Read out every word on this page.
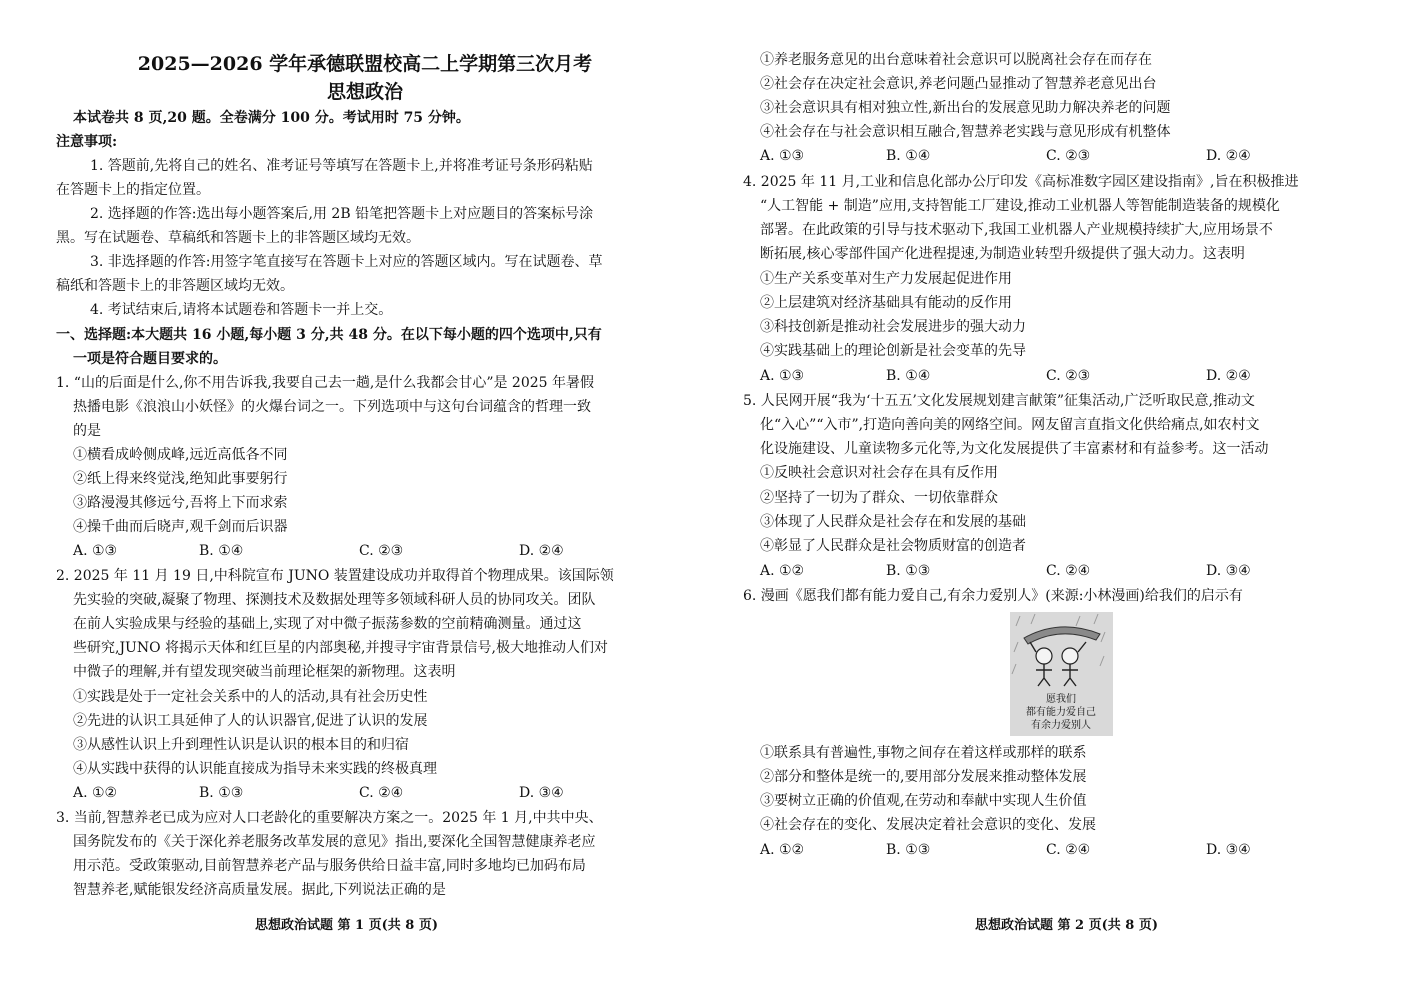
2025—2026 学年承德联盟校高二上学期第三次月考
思想政治
本试卷共 8 页,20 题。全卷满分 100 分。考试用时 75 分钟。
注意事项:
1. 答题前,先将自己的姓名、准考证号等填写在答题卡上,并将准考证号条形码粘贴
在答题卡上的指定位置。
2. 选择题的作答:选出每小题答案后,用 2B 铅笔把答题卡上对应题目的答案标号涂
黑。写在试题卷、草稿纸和答题卡上的非答题区域均无效。
3. 非选择题的作答:用签字笔直接写在答题卡上对应的答题区域内。写在试题卷、草
稿纸和答题卡上的非答题区域均无效。
4. 考试结束后,请将本试题卷和答题卡一并上交。
一、选择题:本大题共 16 小题,每小题 3 分,共 48 分。在以下每小题的四个选项中,只有
一项是符合题目要求的。
1. “山的后面是什么,你不用告诉我,我要自己去一趟,是什么我都会甘心”是 2025 年暑假
热播电影《浪浪山小妖怪》的火爆台词之一。下列选项中与这句台词蕴含的哲理一致
的是
①横看成岭侧成峰,远近高低各不同
②纸上得来终觉浅,绝知此事要躬行
③路漫漫其修远兮,吾将上下而求索
④操千曲而后晓声,观千剑而后识器
A. ①③	B. ①④	C. ②③	D. ②④
2. 2025 年 11 月 19 日,中科院宣布 JUNO 装置建设成功并取得首个物理成果。该国际领
先实验的突破,凝聚了物理、探测技术及数据处理等多领域科研人员的协同攻关。团队
在前人实验成果与经验的基础上,实现了对中微子振荡参数的空前精确测量。通过这
些研究,JUNO 将揭示天体和红巨星的内部奥秘,并搜寻宇宙背景信号,极大地推动人们对
中微子的理解,并有望发现突破当前理论框架的新物理。这表明
①实践是处于一定社会关系中的人的活动,具有社会历史性
②先进的认识工具延伸了人的认识器官,促进了认识的发展
③从感性认识上升到理性认识是认识的根本目的和归宿
④从实践中获得的认识能直接成为指导未来实践的终极真理
A. ①②	B. ①③	C. ②④	D. ③④
3. 当前,智慧养老已成为应对人口老龄化的重要解决方案之一。2025 年 1 月,中共中央、
国务院发布的《关于深化养老服务改革发展的意见》指出,要深化全国智慧健康养老应
用示范。受政策驱动,目前智慧养老产品与服务供给日益丰富,同时多地均已加码布局
智慧养老,赋能银发经济高质量发展。据此,下列说法正确的是
思想政治试题 第 1 页(共 8 页)
①养老服务意见的出台意味着社会意识可以脱离社会存在而存在
②社会存在决定社会意识,养老问题凸显推动了智慧养老意见出台
③社会意识具有相对独立性,新出台的发展意见助力解决养老的问题
④社会存在与社会意识相互融合,智慧养老实践与意见形成有机整体
A. ①③	B. ①④	C. ②③	D. ②④
4. 2025 年 11 月,工业和信息化部办公厅印发《高标准数字园区建设指南》,旨在积极推进
“人工智能 + 制造”应用,支持智能工厂建设,推动工业机器人等智能制造装备的规模化
部署。在此政策的引导与技术驱动下,我国工业机器人产业规模持续扩大,应用场景不
断拓展,核心零部件国产化进程提速,为制造业转型升级提供了强大动力。这表明
①生产关系变革对生产力发展起促进作用
②上层建筑对经济基础具有能动的反作用
③科技创新是推动社会发展进步的强大动力
④实践基础上的理论创新是社会变革的先导
A. ①③	B. ①④	C. ②③	D. ②④
5. 人民网开展“我为‘十五五’文化发展规划建言献策”征集活动,广泛听取民意,推动文
化“入心”“入市”,打造向善向美的网络空间。网友留言直指文化供给痛点,如农村文
化设施建设、儿童读物多元化等,为文化发展提供了丰富素材和有益参考。这一活动
①反映社会意识对社会存在具有反作用
②坚持了一切为了群众、一切依靠群众
③体现了人民群众是社会存在和发展的基础
④彰显了人民群众是社会物质财富的创造者
A. ①②	B. ①③	C. ②④	D. ③④
6. 漫画《愿我们都有能力爱自己,有余力爱别人》(来源:小林漫画)给我们的启示有
①联系具有普遍性,事物之间存在着这样或那样的联系
②部分和整体是统一的,要用部分发展来推动整体发展
③要树立正确的价值观,在劳动和奉献中实现人生价值
④社会存在的变化、发展决定着社会意识的变化、发展
A. ①②	B. ①③	C. ②④	D. ③④
愿我们
都有能力爱自己
有余力爱别人
思想政治试题 第 2 页(共 8 页)
